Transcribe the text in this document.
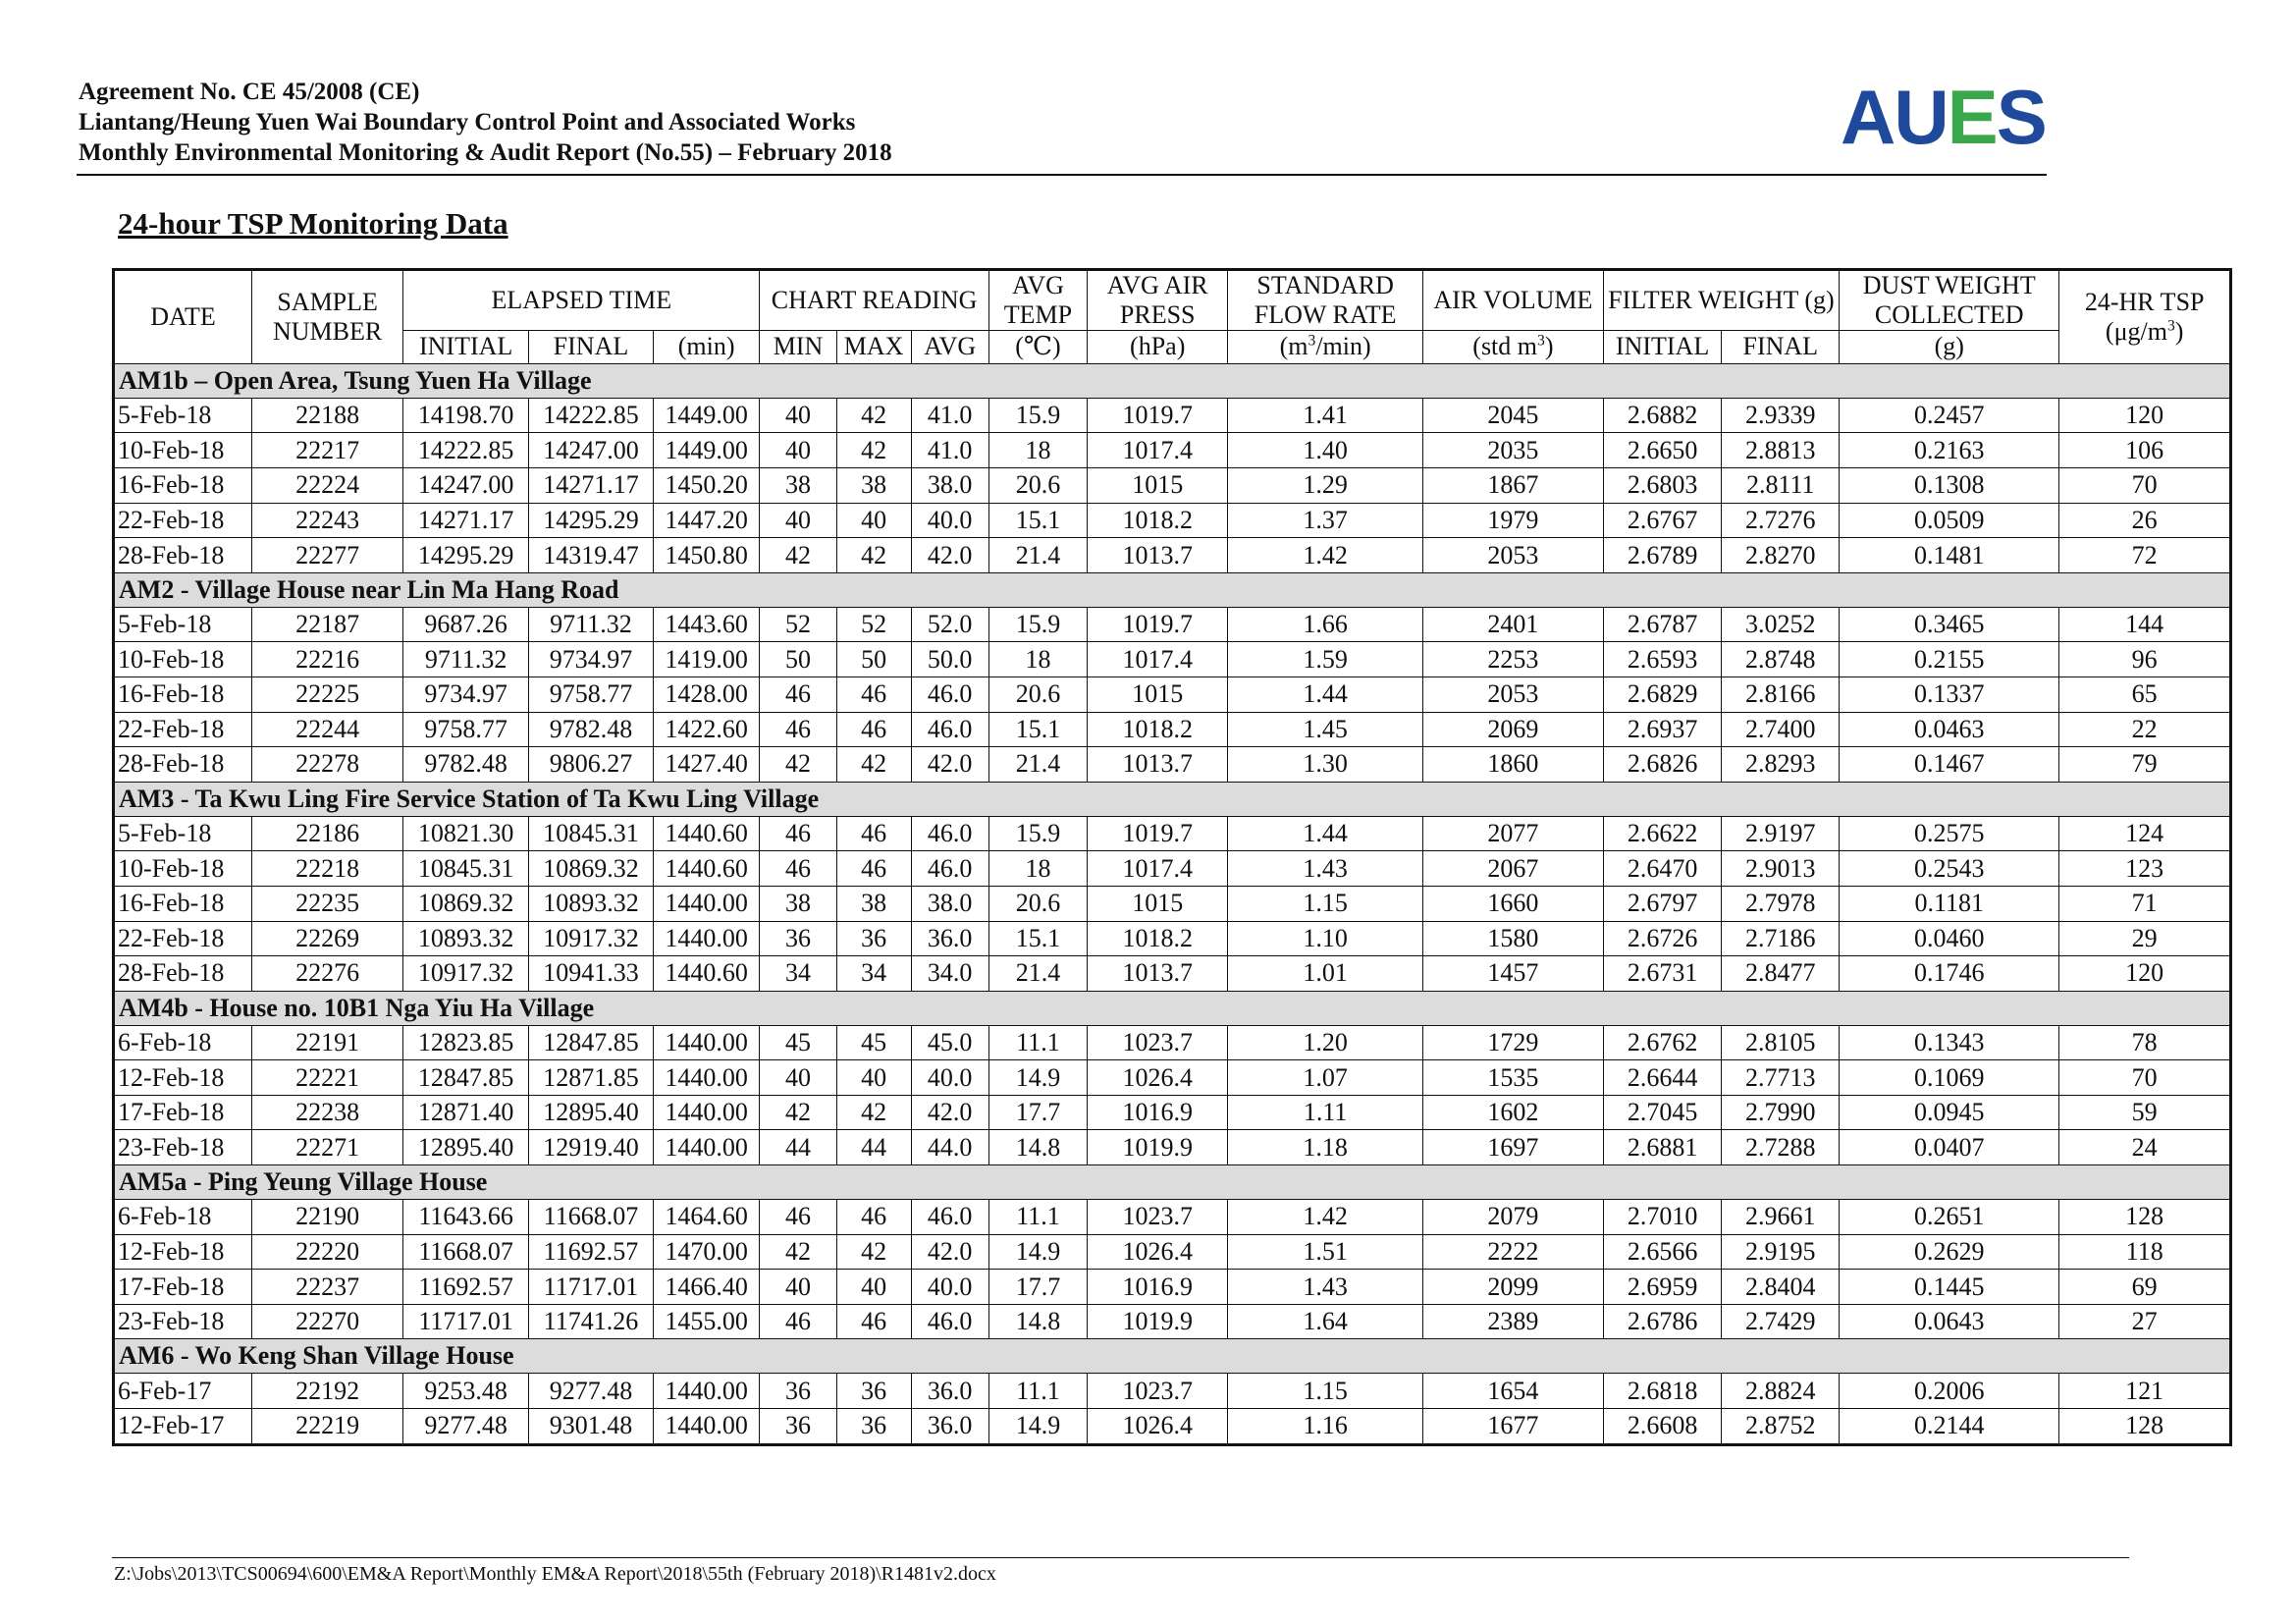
Agreement No. CE 45/2008 (CE)
Liantang/Heung Yuen Wai Boundary Control Point and Associated Works
Monthly Environmental Monitoring & Audit Report (No.55) – February 2018	AUES
24-hour TSP Monitoring Data
DATE	SAMPLE NUMBER	ELAPSED TIME			CHART READING			AVG TEMP	AVG AIR PRESS	STANDARD FLOW RATE	AIR VOLUME	FILTER WEIGHT (g)		DUST WEIGHT COLLECTED	24-HR TSP
$(\mu g/m^3)$
		INITIAL	FINAL	(min)	MIN	MAX	AVG	(℃)	(hPa)	$(m^3/\min)$	(std $m^3$)	INITIAL	FINAL	(g)	
AM1b – Open Area, Tsung Yuen Ha Village															
5-Feb-18	22188	14198.70	14222.85	1449.00	40	42	41.0	15.9	1019.7	1.41	2045	2.6882	2.9339	0.2457	120
10-Feb-18	22217	14222.85	14247.00	1449.00	40	42	41.0	18	1017.4	1.40	2035	2.6650	2.8813	0.2163	106
16-Feb-18	22224	14247.00	14271.17	1450.20	38	38	38.0	20.6	1015	1.29	1867	2.6803	2.8111	0.1308	70
22-Feb-18	22243	14271.17	14295.29	1447.20	40	40	40.0	15.1	1018.2	1.37	1979	2.6767	2.7276	0.0509	26
28-Feb-18	22277	14295.29	14319.47	1450.80	42	42	42.0	21.4	1013.7	1.42	2053	2.6789	2.8270	0.1481	72
AM2 - Village House near Lin Ma Hang Road															
5-Feb-18	22187	9687.26	9711.32	1443.60	52	52	52.0	15.9	1019.7	1.66	2401	2.6787	3.0252	0.3465	144
10-Feb-18	22216	9711.32	9734.97	1419.00	50	50	50.0	18	1017.4	1.59	2253	2.6593	2.8748	0.2155	96
16-Feb-18	22225	9734.97	9758.77	1428.00	46	46	46.0	20.6	1015	1.44	2053	2.6829	2.8166	0.1337	65
22-Feb-18	22244	9758.77	9782.48	1422.60	46	46	46.0	15.1	1018.2	1.45	2069	2.6937	2.7400	0.0463	22
28-Feb-18	22278	9782.48	9806.27	1427.40	42	42	42.0	21.4	1013.7	1.30	1860	2.6826	2.8293	0.1467	79
AM3 - Ta Kwu Ling Fire Service Station of Ta Kwu Ling Village															
5-Feb-18	22186	10821.30	10845.31	1440.60	46	46	46.0	15.9	1019.7	1.44	2077	2.6622	2.9197	0.2575	124
10-Feb-18	22218	10845.31	10869.32	1440.60	46	46	46.0	18	1017.4	1.43	2067	2.6470	2.9013	0.2543	123
16-Feb-18	22235	10869.32	10893.32	1440.00	38	38	38.0	20.6	1015	1.15	1660	2.6797	2.7978	0.1181	71
22-Feb-18	22269	10893.32	10917.32	1440.00	36	36	36.0	15.1	1018.2	1.10	1580	2.6726	2.7186	0.0460	29
28-Feb-18	22276	10917.32	10941.33	1440.60	34	34	34.0	21.4	1013.7	1.01	1457	2.6731	2.8477	0.1746	120
AM4b - House no. 10B1 Nga Yiu Ha Village															
6-Feb-18	22191	12823.85	12847.85	1440.00	45	45	45.0	11.1	1023.7	1.20	1729	2.6762	2.8105	0.1343	78
12-Feb-18	22221	12847.85	12871.85	1440.00	40	40	40.0	14.9	1026.4	1.07	1535	2.6644	2.7713	0.1069	70
17-Feb-18	22238	12871.40	12895.40	1440.00	42	42	42.0	17.7	1016.9	1.11	1602	2.7045	2.7990	0.0945	59
23-Feb-18	22271	12895.40	12919.40	1440.00	44	44	44.0	14.8	1019.9	1.18	1697	2.6881	2.7288	0.0407	24
AM5a - Ping Yeung Village House															
6-Feb-18	22190	11643.66	11668.07	1464.60	46	46	46.0	11.1	1023.7	1.42	2079	2.7010	2.9661	0.2651	128
12-Feb-18	22220	11668.07	11692.57	1470.00	42	42	42.0	14.9	1026.4	1.51	2222	2.6566	2.9195	0.2629	118
17-Feb-18	22237	11692.57	11717.01	1466.40	40	40	40.0	17.7	1016.9	1.43	2099	2.6959	2.8404	0.1445	69
23-Feb-18	22270	11717.01	11741.26	1455.00	46	46	46.0	14.8	1019.9	1.64	2389	2.6786	2.7429	0.0643	27
AM6 - Wo Keng Shan Village House															
6-Feb-17	22192	9253.48	9277.48	1440.00	36	36	36.0	11.1	1023.7	1.15	1654	2.6818	2.8824	0.2006	121
12-Feb-17	22219	9277.48	9301.48	1440.00	36	36	36.0	14.9	1026.4	1.16	1677	2.6608	2.8752	0.2144	128
Z:\Jobs\2013\TCS00694\600\EM&A Report\Monthly EM&A Report\2018\55th (February 2018)\R1481v2.docx
